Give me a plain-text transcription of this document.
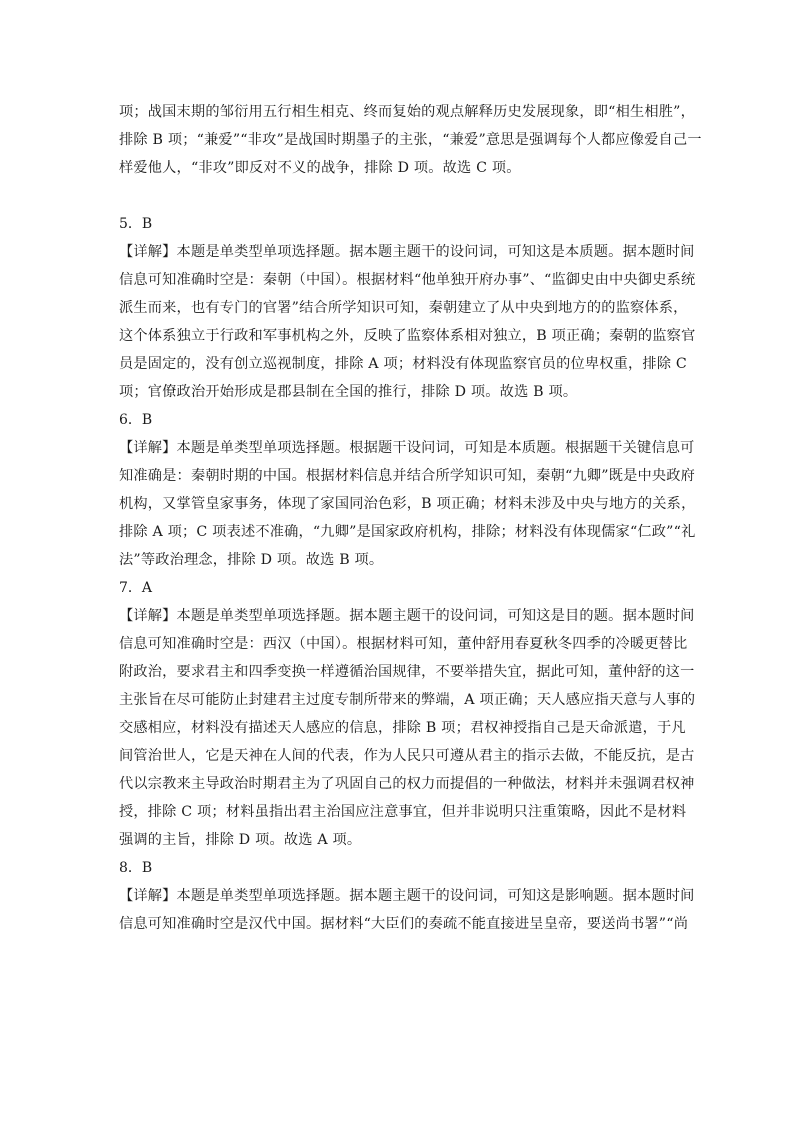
项；战国末期的邹衍用五行相生相克、终而复始的观点解释历史发展现象，即“相生相胜”，
排除 B 项；“兼爱”“非攻”是战国时期墨子的主张，“兼爱”意思是强调每个人都应像爱自己一
样爱他人，“非攻”即反对不义的战争，排除 D 项。故选 C 项。
5．B
【详解】本题是单类型单项选择题。据本题主题干的设问词，可知这是本质题。据本题时间
信息可知准确时空是：秦朝（中国）。根据材料“他单独开府办事”、“监御史由中央御史系统
派生而来，也有专门的官署”结合所学知识可知，秦朝建立了从中央到地方的的监察体系，
这个体系独立于行政和军事机构之外，反映了监察体系相对独立，B 项正确；秦朝的监察官
员是固定的，没有创立巡视制度，排除 A 项；材料没有体现监察官员的位卑权重，排除 C
项；官僚政治开始形成是郡县制在全国的推行，排除 D 项。故选 B 项。
6．B
【详解】本题是单类型单项选择题。根据题干设问词，可知是本质题。根据题干关键信息可
知准确是：秦朝时期的中国。根据材料信息并结合所学知识可知，秦朝“九卿”既是中央政府
机构，又掌管皇家事务，体现了家国同治色彩，B 项正确；材料未涉及中央与地方的关系，
排除 A 项；C 项表述不准确，“九卿”是国家政府机构，排除；材料没有体现儒家“仁政”“礼
法”等政治理念，排除 D 项。故选 B 项。
7．A
【详解】本题是单类型单项选择题。据本题主题干的设问词，可知这是目的题。据本题时间
信息可知准确时空是：西汉（中国）。根据材料可知，董仲舒用春夏秋冬四季的冷暖更替比
附政治，要求君主和四季变换一样遵循治国规律，不要举措失宜，据此可知，董仲舒的这一
主张旨在尽可能防止封建君主过度专制所带来的弊端，A 项正确；天人感应指天意与人事的
交感相应，材料没有描述天人感应的信息，排除 B 项；君权神授指自己是天命派遣，于凡
间管治世人，它是天神在人间的代表，作为人民只可遵从君主的指示去做，不能反抗，是古
代以宗教来主导政治时期君主为了巩固自己的权力而提倡的一种做法，材料并未强调君权神
授，排除 C 项；材料虽指出君主治国应注意事宜，但并非说明只注重策略，因此不是材料
强调的主旨，排除 D 项。故选 A 项。
8．B
【详解】本题是单类型单项选择题。据本题主题干的设问词，可知这是影响题。据本题时间
信息可知准确时空是汉代中国。据材料“大臣们的奏疏不能直接进呈皇帝，要送尚书署”“尚
